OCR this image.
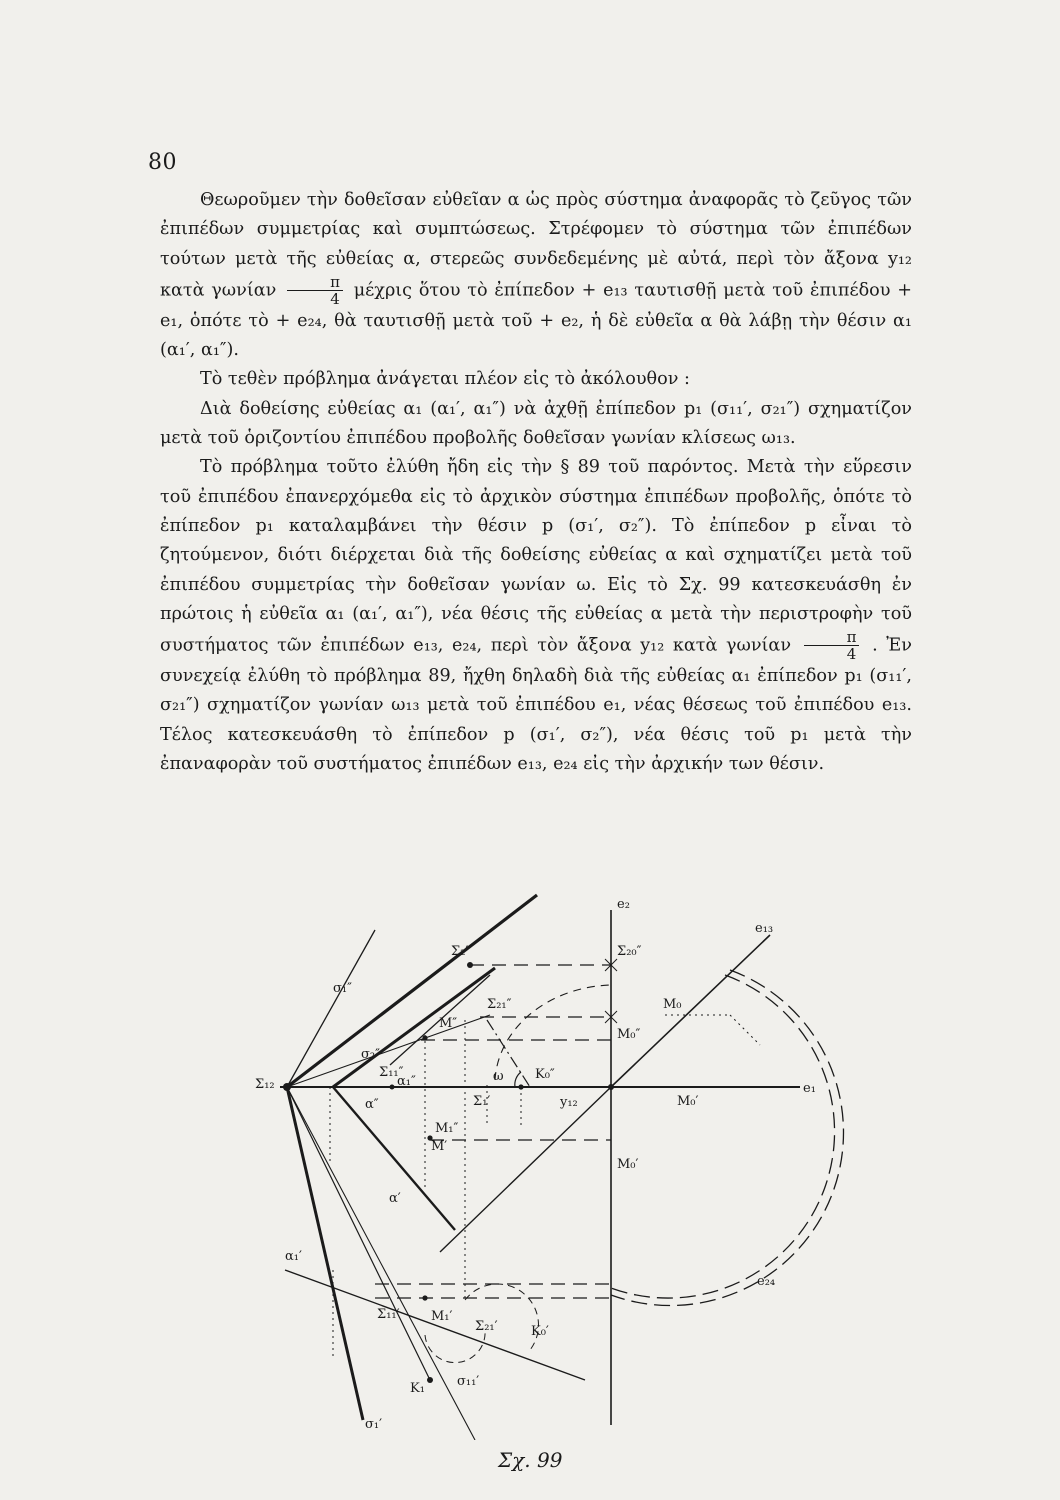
80

Θεωροῦμεν τὴν δοθεῖσαν εὐθεῖαν α ὡς πρὸς σύστημα ἀναφορᾶς τὸ ζεῦγος τῶν ἐπιπέδων συμμετρίας καὶ συμπτώσεως. Στρέφομεν τὸ σύστημα τῶν ἐπιπέδων τούτων μετὰ τῆς εὐθείας α, στερεῶς συνδεδεμένης μὲ αὐτά, περὶ τὸν ἄξονα y₁₂ κατὰ γωνίαν $\frac{\pi}{4}$ μέχρις ὅτου τὸ ἐπίπεδον + e₁₃ ταυτισθῇ μετὰ τοῦ ἐπιπέδου + e₁, ὁπότε τὸ + e₂₄, θὰ ταυτισθῇ μετὰ τοῦ + e₂, ἡ δὲ εὐθεῖα α θὰ λάβῃ τὴν θέσιν α₁ (α₁′, α₁″).

Τὸ τεθὲν πρόβλημα ἀνάγεται πλέον εἰς τὸ ἀκόλουθον :

Διὰ δοθείσης εὐθείας α₁ (α₁′, α₁″) νὰ ἀχθῇ ἐπίπεδον p₁ (σ₁₁′, σ₂₁″) σχηματίζον μετὰ τοῦ ὁριζοντίου ἐπιπέδου προβολῆς δοθεῖσαν γωνίαν κλίσεως ω₁₃.

Τὸ πρόβλημα τοῦτο ἐλύθη ἤδη εἰς τὴν § 89 τοῦ παρόντος. Μετὰ τὴν εὕρεσιν τοῦ ἐπιπέδου ἐπανερχόμεθα εἰς τὸ ἀρχικὸν σύστημα ἐπιπέδων προβολῆς, ὁπότε τὸ ἐπίπεδον p₁ καταλαμβάνει τὴν θέσιν p (σ₁′, σ₂″). Τὸ ἐπίπεδον p εἶναι τὸ ζητούμενον, διότι διέρχεται διὰ τῆς δοθείσης εὐθείας α καὶ σχηματίζει μετὰ τοῦ ἐπιπέδου συμμετρίας τὴν δοθεῖσαν γωνίαν ω. Εἰς τὸ Σχ. 99 κατεσκευάσθη ἐν πρώτοις ἡ εὐθεῖα α₁ (α₁′, α₁″), νέα θέσις τῆς εὐθείας α μετὰ τὴν περιστροφὴν τοῦ συστήματος τῶν ἐπιπέδων e₁₃, e₂₄, περὶ τὸν ἄξονα y₁₂ κατὰ γωνίαν $\frac{\pi}{4}$ . Ἐν συνεχείᾳ ἐλύθη τὸ πρόβλημα 89, ἤχθη δηλαδὴ διὰ τῆς εὐθείας α₁ ἐπίπεδον p₁ (σ₁₁′, σ₂₁″) σχηματίζον γωνίαν ω₁₃ μετὰ τοῦ ἐπιπέδου e₁, νέας θέσεως τοῦ ἐπιπέδου e₁₃. Τέλος κατεσκευάσθη τὸ ἐπίπεδον p (σ₁′, σ₂″), νέα θέσις τοῦ p₁ μετὰ τὴν ἐπαναφορὰν τοῦ συστήματος ἐπιπέδων e₁₃, e₂₄ εἰς τὴν ἀρχικήν των θέσιν.

e₂
e₁
e₁₃
e₂₄
Σ₂″	Σ₂₀″
Σ₂₁″
M″
M₁″
M₀″
M₀
σ₁″
σ₂″
α″
α₁″
Σ₁₂
Σ₁₁″
Σ₁′	y₁₂
ω K₀″
M₀′
M₀′
α′
M′
α₁′
Σ₁₁′ M₁′
Σ₂₁′	K₀′
K₁ σ₁₁′
σ₁′
Σχ. 99
